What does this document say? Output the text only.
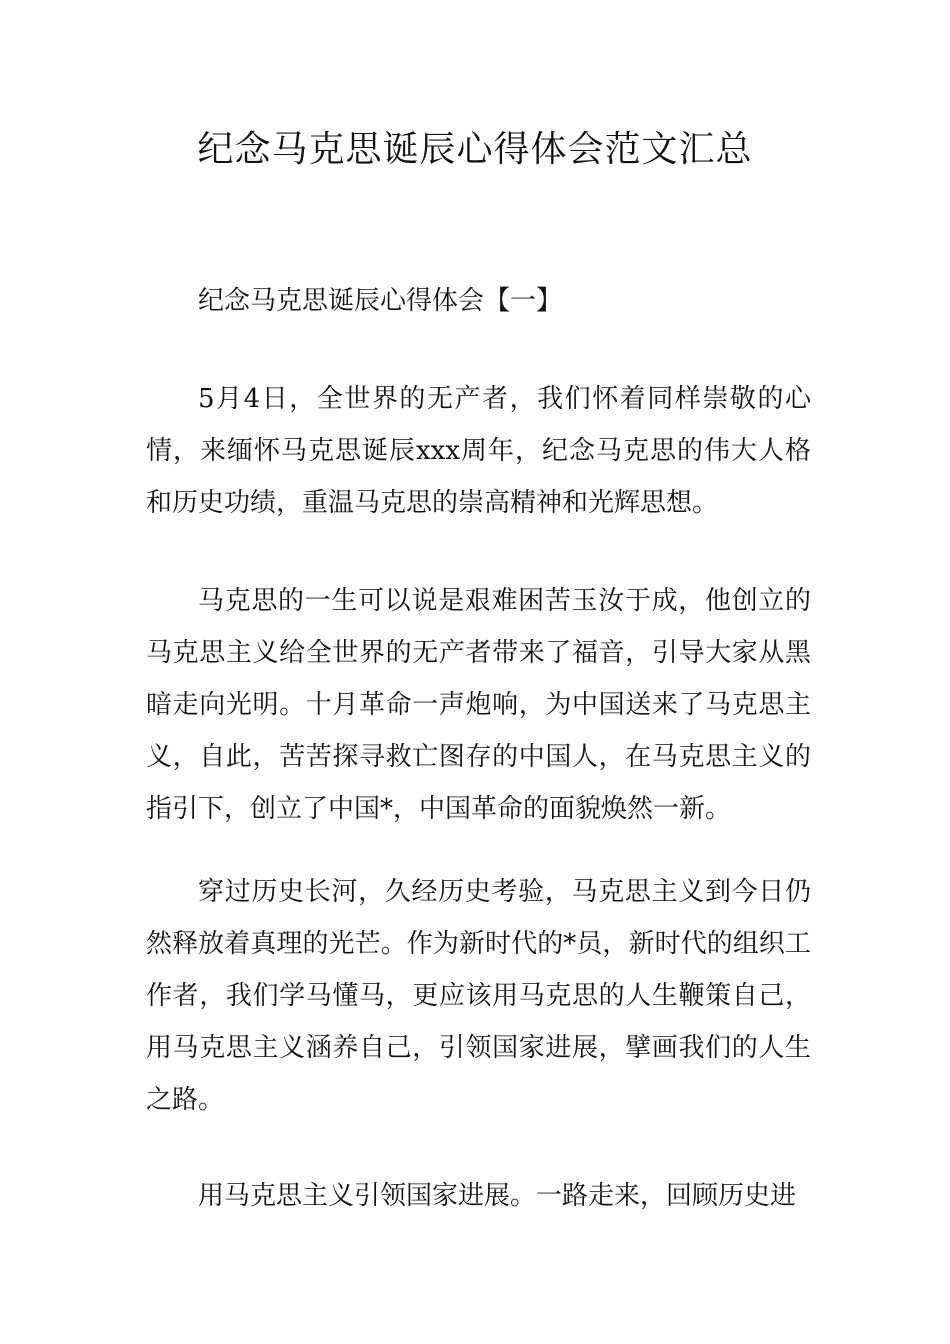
纪念马克思诞辰心得体会范文汇总

纪念马克思诞辰心得体会【一】

5月4日，全世界的无产者，我们怀着同样崇敬的心情，来缅怀马克思诞辰xxx周年，纪念马克思的伟大人格和历史功绩，重温马克思的崇高精神和光辉思想。

马克思的一生可以说是艰难困苦玉汝于成，他创立的马克思主义给全世界的无产者带来了福音，引导大家从黑暗走向光明。十月革命一声炮响，为中国送来了马克思主义，自此，苦苦探寻救亡图存的中国人，在马克思主义的指引下，创立了中国*，中国革命的面貌焕然一新。

穿过历史长河，久经历史考验，马克思主义到今日仍然释放着真理的光芒。作为新时代的*员，新时代的组织工作者，我们学马懂马，更应该用马克思的人生鞭策自己，用马克思主义涵养自己，引领国家进展，擘画我们的人生之路。

用马克思主义引领国家进展。一路走来，回顾历史进
